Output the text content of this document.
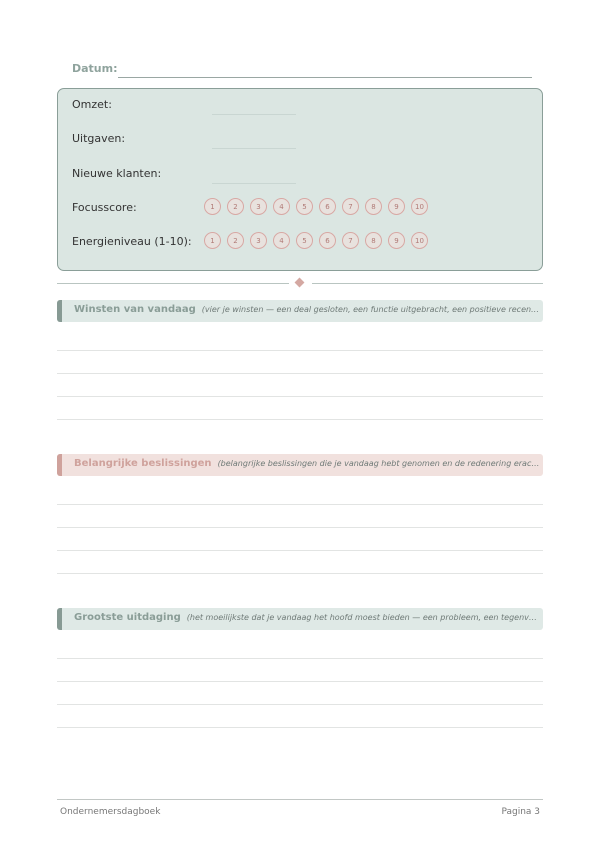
Datum:
Omzet:
Uitgaven:
Nieuwe klanten:
Focusscore:	1	2	3	4	5	6	7	8	9	10
Energieniveau (1-10):	1	2	3	4	5	6	7	8	9	10
Winsten van vandaag (vier je winsten — een deal gesloten, een functie uitgebracht, een positieve recen…
Belangrijke beslissingen (belangrijke beslissingen die je vandaag hebt genomen en de redenering erac…
Grootste uitdaging (het moeilijkste dat je vandaag het hoofd moest bieden — een probleem, een tegenv…
Ondernemersdagboek	Pagina 3
